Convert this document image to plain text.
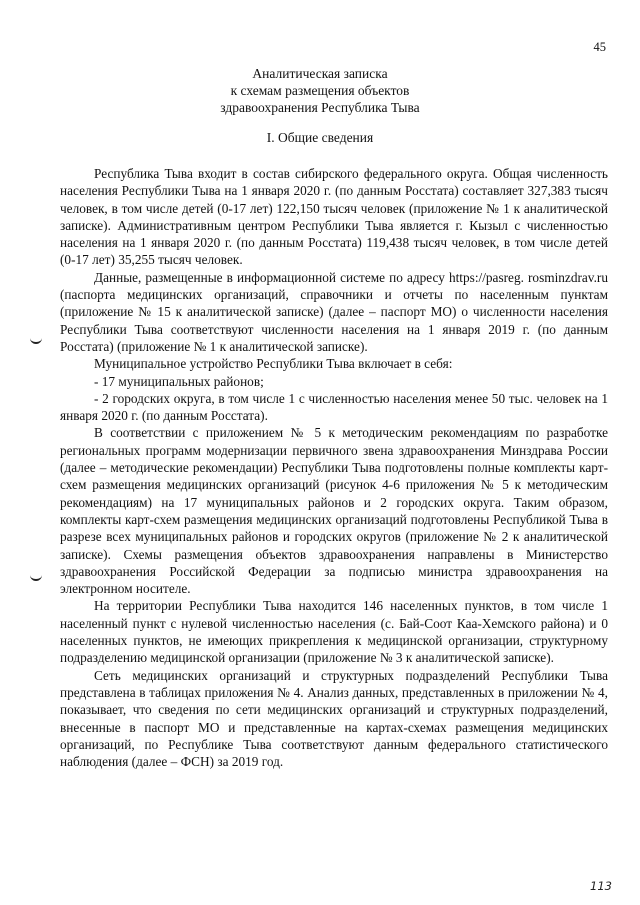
45
Аналитическая записка
к схемам размещения объектов
здравоохранения Республика Тыва
I. Общие сведения

Республика Тыва входит в состав сибирского федерального округа. Общая численность населения Республики Тыва на 1 января 2020 г. (по данным Росстата) составляет 327,383 тысяч человек, в том числе детей (0-17 лет) 122,150 тысяч человек (приложение № 1 к аналитической записке). Административным центром Республики Тыва является г. Кызыл с численностью населения на 1 января 2020 г. (по данным Росстата) 119,438 тысяч человек, в том числе детей (0-17 лет) 35,255 тысяч человек.

Данные, размещенные в информационной системе по адресу https://pasreg. rosminzdrav.ru (паспорта медицинских организаций, справочники и отчеты по населенным пунктам (приложение № 15 к аналитической записке) (далее – паспорт МО) о численности населения Республики Тыва соответствуют численности населения на 1 января 2019 г. (по данным Росстата) (приложение № 1 к аналитической записке).

Муниципальное устройство Республики Тыва включает в себя:

- 17 муниципальных районов;

- 2 городских округа, в том числе 1 с численностью населения менее 50 тыс. человек на 1 января 2020 г. (по данным Росстата).

В соответствии с приложением № 5 к методическим рекомендациям по разработке региональных программ модернизации первичного звена здравоохранения Минздрава России (далее – методические рекомендации) Республики Тыва подготовлены полные комплекты карт-схем размещения медицинских организаций (рисунок 4-6 приложения № 5 к методическим рекомендациям) на 17 муниципальных районов и 2 городских округа. Таким образом, комплекты карт-схем размещения медицинских организаций подготовлены Республикой Тыва в разрезе всех муниципальных районов и городских округов (приложение № 2 к аналитической записке). Схемы размещения объектов здравоохранения направлены в Министерство здравоохранения Российской Федерации за подписью министра здравоохранения на электронном носителе.

На территории Республики Тыва находится 146 населенных пунктов, в том числе 1 населенный пункт с нулевой численностью населения (с. Бай-Соот Каа-Хемского района) и 0 населенных пунктов, не имеющих прикрепления к медицинской организации, структурному подразделению медицинской организации (приложение № 3 к аналитической записке).

Сеть медицинских организаций и структурных подразделений Республики Тыва представлена в таблицах приложения № 4. Анализ данных, представленных в приложении № 4, показывает, что сведения по сети медицинских организаций и структурных подразделений, внесенные в паспорт МО и представленные на картах-схемах размещения медицинских организаций, по Республике Тыва соответствуют данным федерального статистического наблюдения (далее – ФСН) за 2019 год.

113
